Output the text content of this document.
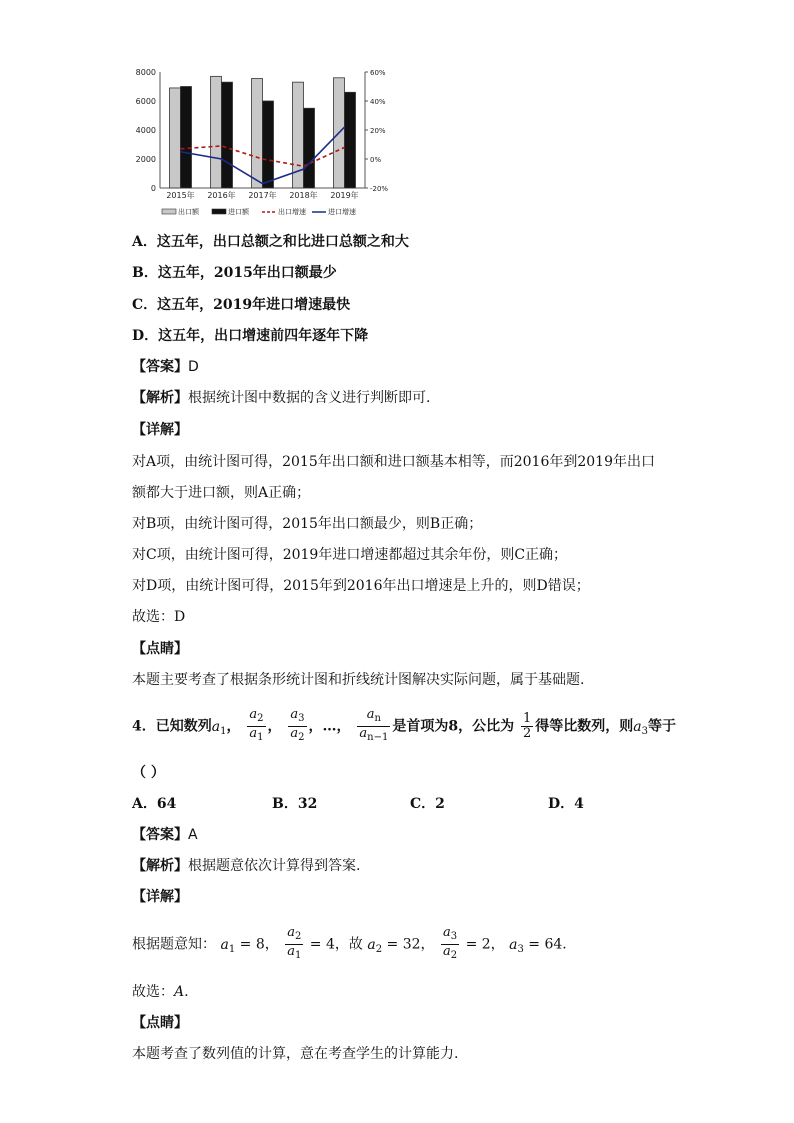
0
2000
4000
6000
8000
-20%
0%
20%
40%
60%
2015年 2016年 2017年 2018年 2019年
出口额	进口额	出口增速	进口增速
A．这五年，出口总额之和比进口总额之和大
B．这五年，2015年出口额最少
C．这五年，2019年进口增速最快
D．这五年，出口增速前四年逐年下降
【答案】D
【解析】根据统计图中数据的含义进行判断即可.
【详解】
对A项，由统计图可得，2015年出口额和进口额基本相等，而2016年到2019年出口
额都大于进口额，则A正确；
对B项，由统计图可得，2015年出口额最少，则B正确；
对C项，由统计图可得，2019年进口增速都超过其余年份，则C正确；
对D项，由统计图可得，2015年到2016年出口增速是上升的，则D错误；
故选：D
【点睛】
本题主要考查了根据条形统计图和折线统计图解决实际问题，属于基础题.
4．已知数列$a_1$， $\frac{a_2}{a_1}$ ， $\frac{a_3}{a_2}$ ，…， $\frac{a_n}{a_{n-1}}$ 是首项为8，公比为 $\frac{1}{2}$ 得等比数列，则$a_3$等于
（ ）
A．64	B．32	C．2	D．4
【答案】A
【解析】根据题意依次计算得到答案.
【详解】
根据题意知： $a_1 = 8$， $\frac{a_2}{a_1} = 4$，故 $a_2 = 32$， $\frac{a_3}{a_2} = 2$， $a_3 = 64$.
故选：A.
【点睛】
本题考查了数列值的计算，意在考查学生的计算能力.
